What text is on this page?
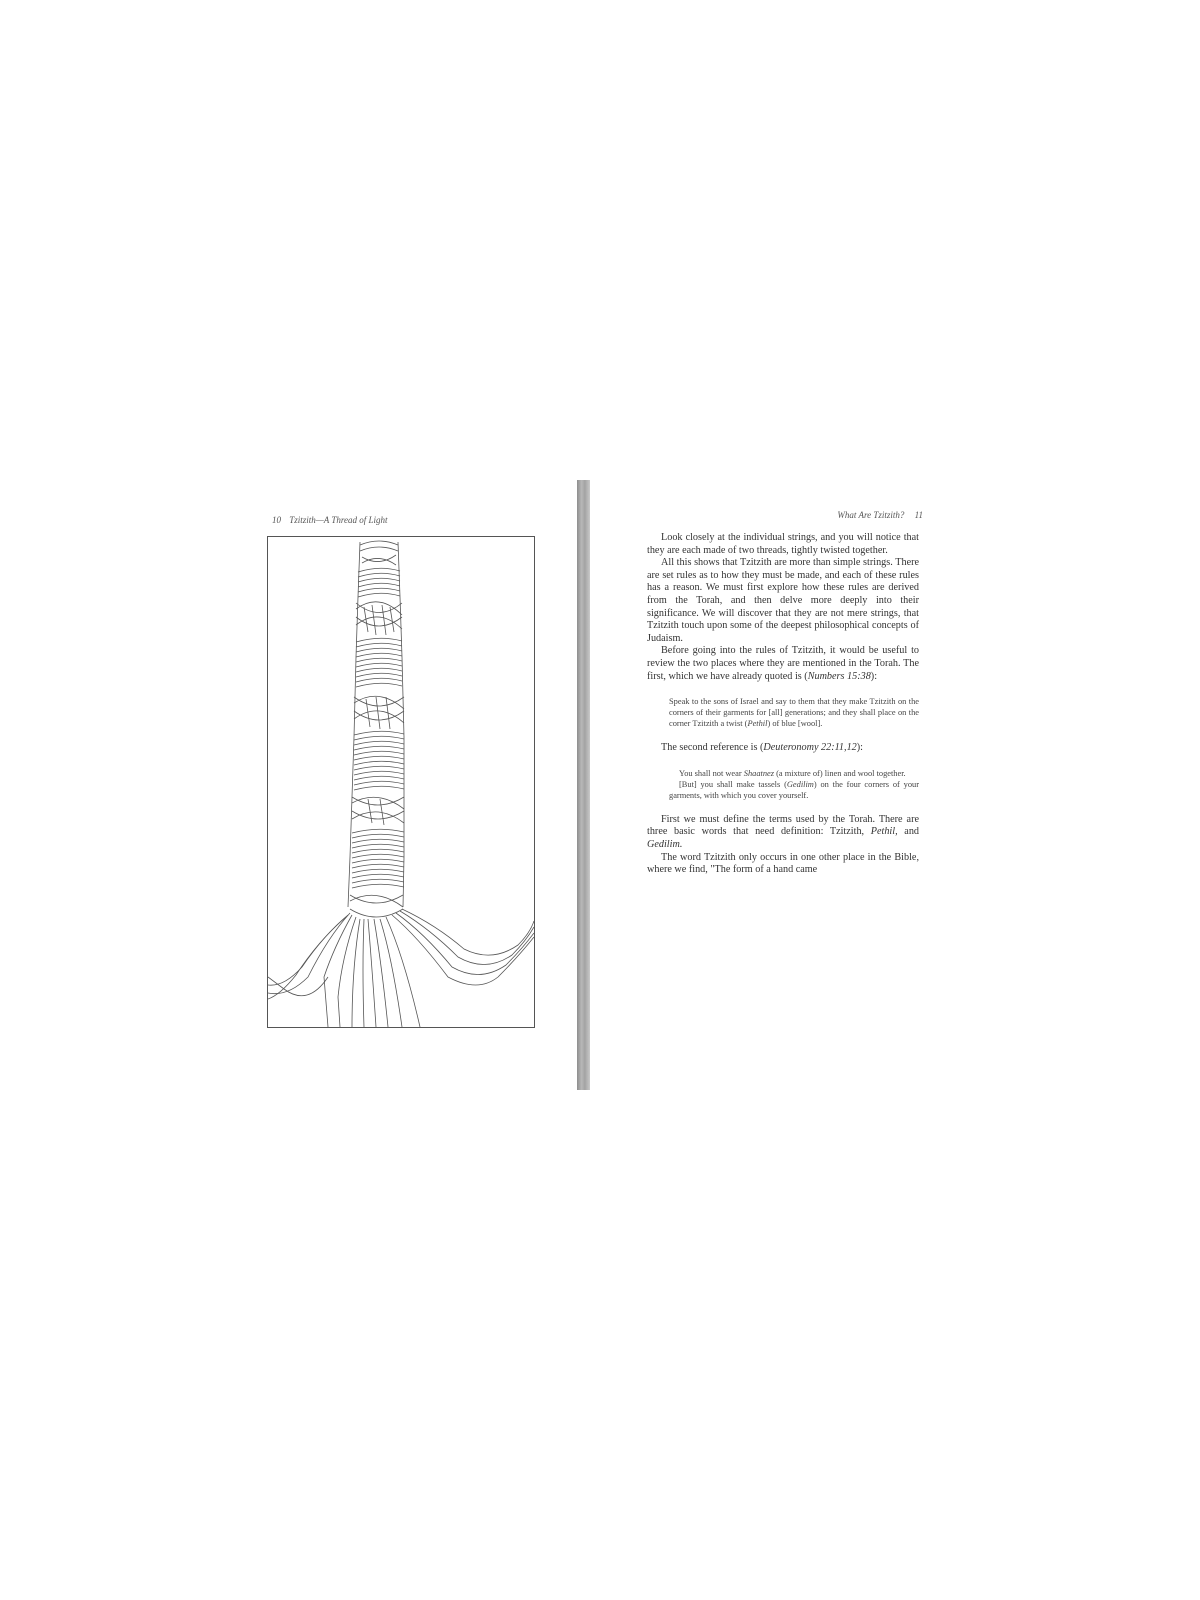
10 Tzitzith—A Thread of Light	What Are Tzitzith? 11

Look closely at the individual strings, and you will notice that they are each made of two threads, tightly twisted together.

All this shows that Tzitzith are more than simple strings. There are set rules as to how they must be made, and each of these rules has a reason. We must first explore how these rules are derived from the Torah, and then delve more deeply into their significance. We will discover that they are not mere strings, that Tzitzith touch upon some of the deepest philosophical concepts of Judaism.

Before going into the rules of Tzitzith, it would be useful to review the two places where they are mentioned in the Torah. The first, which we have already quoted is (Numbers 15:38):

Speak to the sons of Israel and say to them that they make Tzitzith on the corners of their garments for [all] generations; and they shall place on the corner Tzitzith a twist (Pethil) of blue [wool].

The second reference is (Deuteronomy 22:11,12):

You shall not wear Shaatnez (a mixture of) linen and wool together.

[But] you shall make tassels (Gedilim) on the four corners of your garments, with which you cover yourself.

First we must define the terms used by the Torah. There are three basic words that need definition: Tzitzith, Pethil, and Gedilim.

The word Tzitzith only occurs in one other place in the Bible, where we find, "The form of a hand came
